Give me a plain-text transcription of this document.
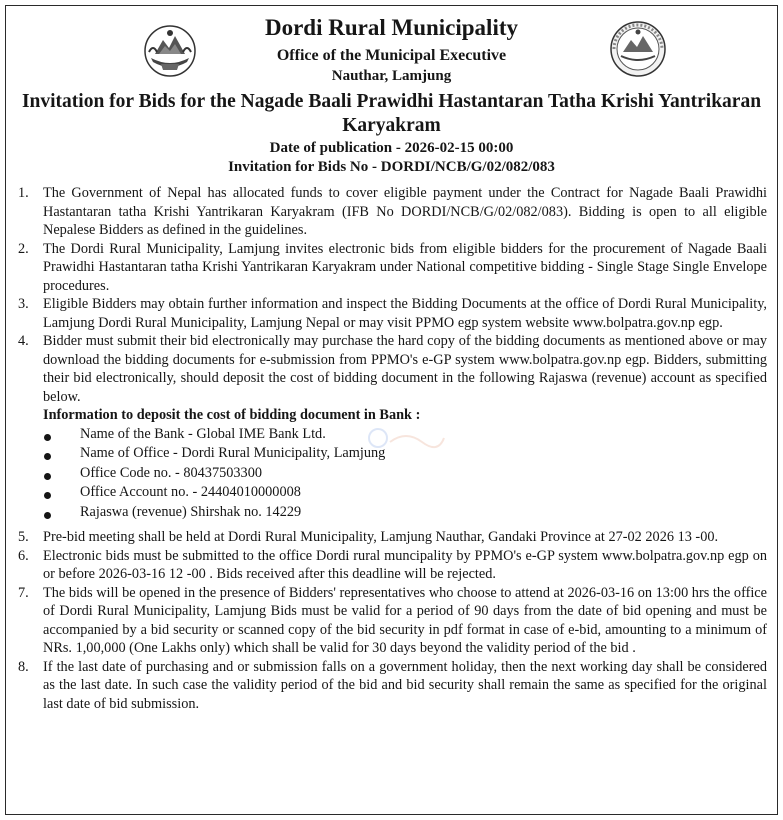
Dordi Rural Municipality
Office of the Municipal Executive
Nauthar, Lamjung
Invitation for Bids for the Nagade Baali Prawidhi Hastantaran Tatha Krishi Yantrikaran Karyakram
Date of publication - 2026-02-15 00:00
Invitation for Bids No - DORDI/NCB/G/02/082/083
1. The Government of Nepal has allocated funds to cover eligible payment under the Contract for Nagade Baali Prawidhi Hastantaran tatha Krishi Yantrikaran Karyakram (IFB No DORDI/NCB/G/02/082/083). Bidding is open to all eligible Nepalese Bidders as defined in the guidelines.
2. The Dordi Rural Municipality, Lamjung invites electronic bids from eligible bidders for the procurement of Nagade Baali Prawidhi Hastantaran tatha Krishi Yantrikaran Karyakram under National competitive bidding - Single Stage Single Envelope procedures.
3. Eligible Bidders may obtain further information and inspect the Bidding Documents at the office of Dordi Rural Municipality, Lamjung Dordi Rural Municipality, Lamjung Nepal or may visit PPMO egp system website www.bolpatra.gov.np egp.
4. Bidder must submit their bid electronically may purchase the hard copy of the bidding documents as mentioned above or may download the bidding documents for e-submission from PPMO's e-GP system www.bolpatra.gov.np egp. Bidders, submitting their bid electronically, should deposit the cost of bidding document in the following Rajaswa (revenue) account as specified below.
Information to deposit the cost of bidding document in Bank :
Name of the Bank - Global IME Bank Ltd.
Name of Office - Dordi Rural Municipality, Lamjung
Office Code no. - 80437503300
Office Account no. - 24404010000008
Rajaswa (revenue) Shirshak no. 14229
5. Pre-bid meeting shall be held at Dordi Rural Municipality, Lamjung Nauthar, Gandaki Province at 27-02 2026 13 -00.
6. Electronic bids must be submitted to the office Dordi rural muncipality by PPMO's e-GP system www.bolpatra.gov.np egp on or before 2026-03-16 12 -00 . Bids received after this deadline will be rejected.
7. The bids will be opened in the presence of Bidders' representatives who choose to attend at 2026-03-16 on 13:00 hrs the office of Dordi Rural Municipality, Lamjung Bids must be valid for a period of 90 days from the date of bid opening and must be accompanied by a bid security or scanned copy of the bid security in pdf format in case of e-bid, amounting to a minimum of NRs. 1,00,000 (One Lakhs only) which shall be valid for 30 days beyond the validity period of the bid .
8. If the last date of purchasing and or submission falls on a government holiday, then the next working day shall be considered as the last date. In such case the validity period of the bid and bid security shall remain the same as specified for the original last date of bid submission.
